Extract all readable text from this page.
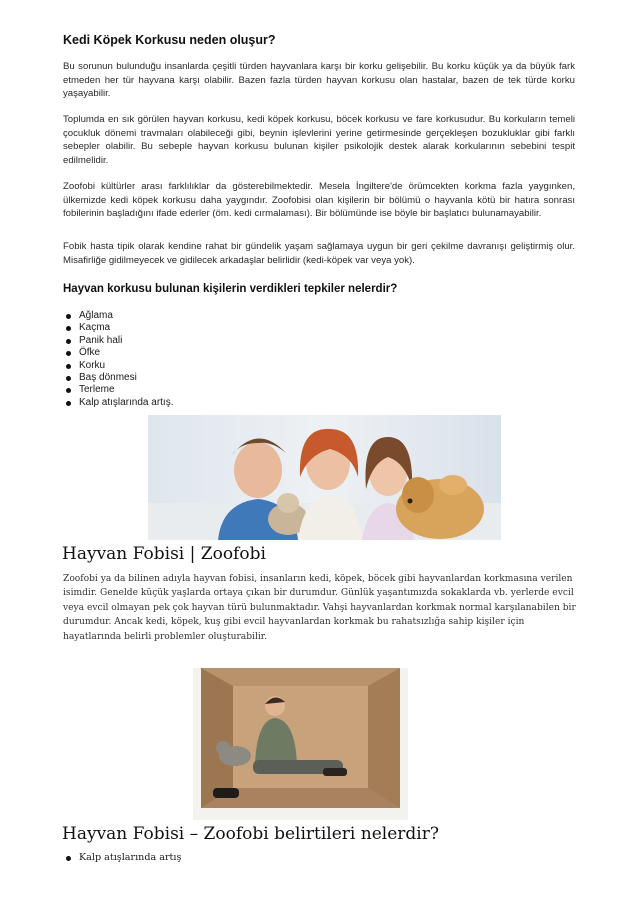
Kedi Köpek Korkusu neden oluşur?

Bu sorunun bulunduğu insanlarda çeşitli türden hayvanlara karşı bir korku gelişebilir. Bu korku küçük ya da büyük fark etmeden her tür hayvana karşı olabilir. Bazen fazla türden hayvan korkusu olan hastalar, bazen de tek türde korku yaşayabilir.

Toplumda en sık görülen hayvan korkusu, kedi köpek korkusu, böcek korkusu ve fare korkusudur. Bu korkuların temeli çocukluk dönemi travmaları olabileceği gibi, beynin işlevlerini yerine getirmesinde gerçekleşen bozukluklar gibi farklı sebepler olabilir. Bu sebeple hayvan korkusu bulunan kişiler psikolojik destek alarak korkularının sebebini tespit edilmelidir.

Zoofobi kültürler arası farklılıklar da gösterebilmektedir. Mesela İngiltere'de örümcekten korkma fazla yaygınken, ülkemizde kedi köpek korkusu daha yaygındır. Zoofobisi olan kişilerin bir bölümü o hayvanla kötü bir hatıra sonrası fobilerinin başladığını ifade ederler (öm. kedi cırmalaması). Bir bölümünde ise böyle bir başlatıcı bulunamayabilir.

Fobik hasta tipik olarak kendine rahat bir gündelik yaşam sağlamaya uygun bir geri çekilme davranışı geliştirmiş olur. Misafirliğe gidilmeyecek ve gidilecek arkadaşlar belirlidir (kedi-köpek var veya yok).

Hayvan korkusu bulunan kişilerin verdikleri tepkiler nelerdir?
Ağlama
Kaçma
Panik hali
Öfke
Korku
Baş dönmesi
Terleme
Kalp atışlarında artış.
Hayvan Fobisi | Zoofobi

Zoofobi ya da bilinen adıyla hayvan fobisi, insanların kedi, köpek, böcek gibi hayvanlardan korkmasına verilen isimdir. Genelde küçük yaşlarda ortaya çıkan bir durumdur. Günlük yaşantımızda sokaklarda vb. yerlerde evcil veya evcil olmayan pek çok hayvan türü bulunmaktadır. Vahşi hayvanlardan korkmak normal karşılanabilen bir durumdur. Ancak kedi, köpek, kuş gibi evcil hayvanlardan korkmak bu rahatsızlığa sahip kişiler için hayatlarında belirli problemler oluşturabilir.

Hayvan Fobisi – Zoofobi belirtileri nelerdir?
Kalp atışlarında artış
